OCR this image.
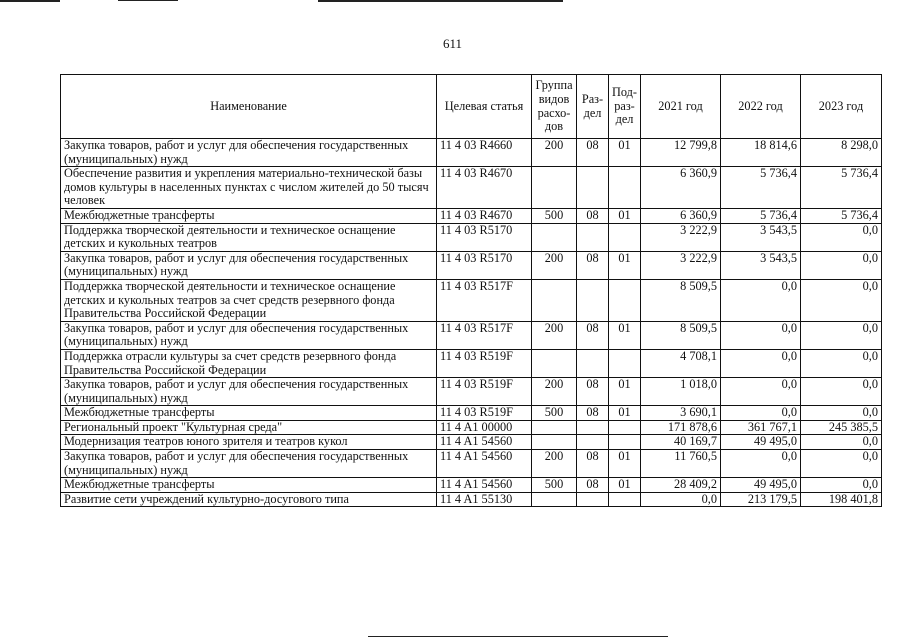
611
Наименование	Целевая статья	Группа видов расхо-дов	Раз-дел	Под-раз-дел	2021 год	2022 год	2023 год
Закупка товаров, работ и услуг для обеспечения государственных (муниципальных) нужд	11 4 03 R4660	200	08	01	12 799,8	18 814,6	8 298,0
Обеспечение развития и укрепления материально-технической базы домов культуры в населенных пунктах с числом жителей до 50 тысяч человек	11 4 03 R4670				6 360,9	5 736,4	5 736,4
Межбюджетные трансферты	11 4 03 R4670	500	08	01	6 360,9	5 736,4	5 736,4
Поддержка творческой деятельности и техническое оснащение детских и кукольных театров	11 4 03 R5170				3 222,9	3 543,5	0,0
Закупка товаров, работ и услуг для обеспечения государственных (муниципальных) нужд	11 4 03 R5170	200	08	01	3 222,9	3 543,5	0,0
Поддержка творческой деятельности и техническое оснащение детских и кукольных театров за счет средств резервного фонда Правительства Российской Федерации	11 4 03 R517F				8 509,5	0,0	0,0
Закупка товаров, работ и услуг для обеспечения государственных (муниципальных) нужд	11 4 03 R517F	200	08	01	8 509,5	0,0	0,0
Поддержка отрасли культуры за счет средств резервного фонда Правительства Российской Федерации	11 4 03 R519F				4 708,1	0,0	0,0
Закупка товаров, работ и услуг для обеспечения государственных (муниципальных) нужд	11 4 03 R519F	200	08	01	1 018,0	0,0	0,0
Межбюджетные трансферты	11 4 03 R519F	500	08	01	3 690,1	0,0	0,0
Региональный проект "Культурная среда"	11 4 A1 00000				171 878,6	361 767,1	245 385,5
Модернизация театров юного зрителя и театров кукол	11 4 A1 54560				40 169,7	49 495,0	0,0
Закупка товаров, работ и услуг для обеспечения государственных (муниципальных) нужд	11 4 A1 54560	200	08	01	11 760,5	0,0	0,0
Межбюджетные трансферты	11 4 A1 54560	500	08	01	28 409,2	49 495,0	0,0
Развитие сети учреждений культурно-досугового типа	11 4 A1 55130				0,0	213 179,5	198 401,8
